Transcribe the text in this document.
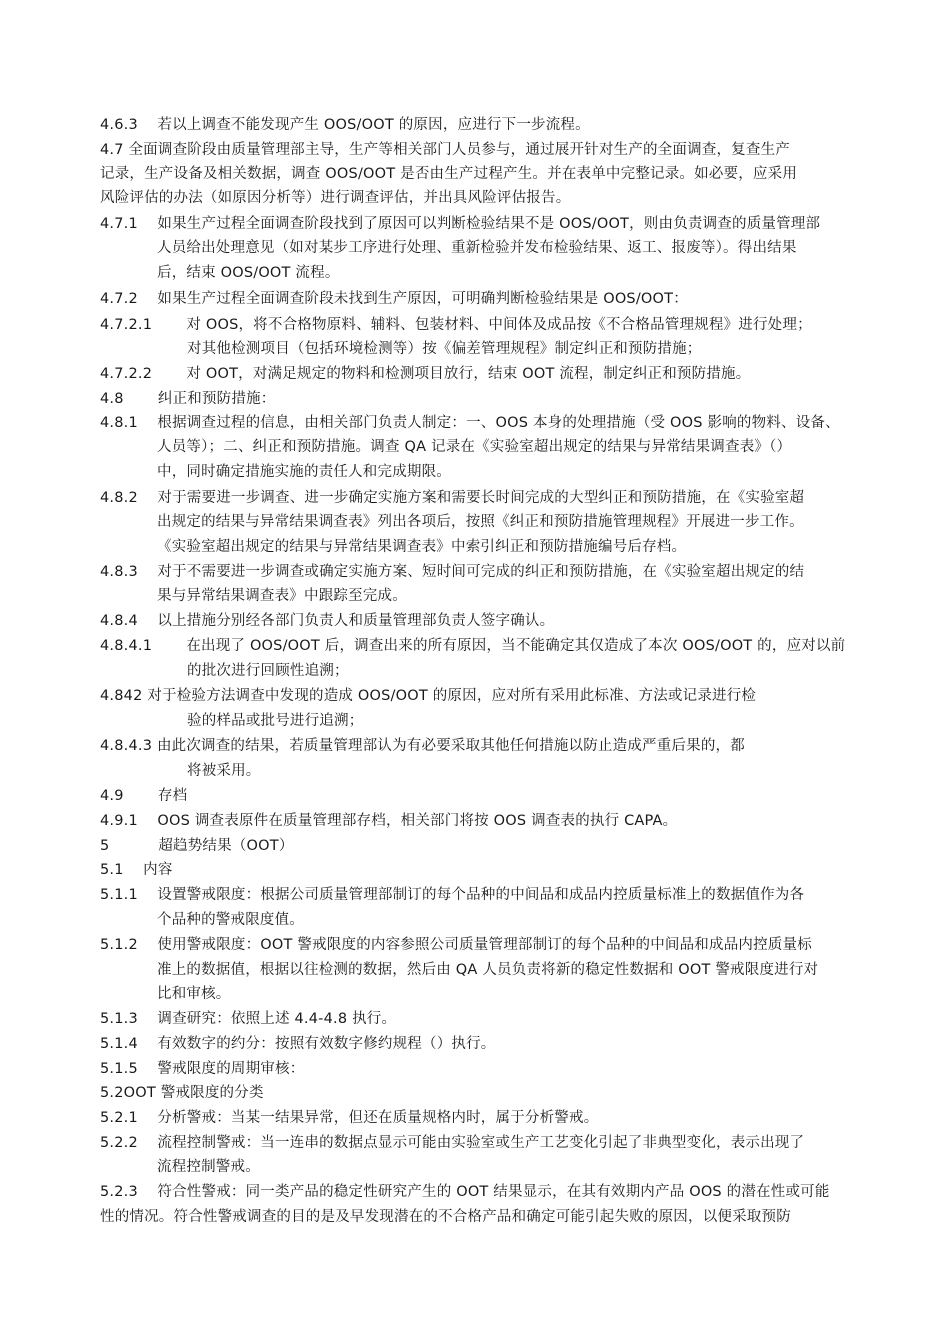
4.6.3　 若以上调查不能发现产生 OOS/OOT 的原因，应进行下一步流程。
4.7 全面调查阶段由质量管理部主导，生产等相关部门人员参与，通过展开针对生产的全面调查，复查生产
记录，生产设备及相关数据，调查 OOS/OOT 是否由生产过程产生。并在表单中完整记录。如必要，应采用
风险评估的办法（如原因分析等）进行调查评估，并出具风险评估报告。
4.7.1　 如果生产过程全面调查阶段找到了原因可以判断检验结果不是 OOS/OOT，则由负责调查的质量管理部
人员给出处理意见（如对某步工序进行处理、重新检验并发布检验结果、返工、报废等）。得出结果
后，结束 OOS/OOT 流程。
4.7.2　 如果生产过程全面调查阶段未找到生产原因，可明确判断检验结果是 OOS/OOT：
4.7.2.1　　 对 OOS，将不合格物原料、辅料、包装材料、中间体及成品按《不合格品管理规程》进行处理；
对其他检测项目（包括环境检测等）按《偏差管理规程》制定纠正和预防措施；
4.7.2.2　　 对 OOT，对满足规定的物料和检测项目放行，结束 OOT 流程，制定纠正和预防措施。
4.8　　 纠正和预防措施：
4.8.1　 根据调查过程的信息，由相关部门负责人制定：一、OOS 本身的处理措施（受 OOS 影响的物料、设备、
人员等）；二、纠正和预防措施。调查 QA 记录在《实验室超出规定的结果与异常结果调查表》（）
中，同时确定措施实施的责任人和完成期限。
4.8.2　 对于需要进一步调查、进一步确定实施方案和需要长时间完成的大型纠正和预防措施，在《实验室超
出规定的结果与异常结果调查表》列出各项后，按照《纠正和预防措施管理规程》开展进一步工作。
《实验室超出规定的结果与异常结果调查表》中索引纠正和预防措施编号后存档。
4.8.3　 对于不需要进一步调查或确定实施方案、短时间可完成的纠正和预防措施，在《实验室超出规定的结
果与异常结果调查表》中跟踪至完成。
4.8.4　 以上措施分别经各部门负责人和质量管理部负责人签字确认。
4.8.4.1　　 在出现了 OOS/OOT 后，调查出来的所有原因，当不能确定其仅造成了本次 OOS/OOT 的，应对以前
的批次进行回顾性追溯；
4.842 对于检验方法调查中发现的造成 OOS/OOT 的原因，应对所有采用此标准、方法或记录进行检
验的样品或批号进行追溯；
4.8.4.3 由此次调查的结果，若质量管理部认为有必要采取其他任何措施以防止造成严重后果的，都
将被采用。
4.9　　 存档
4.9.1　 OOS 调查表原件在质量管理部存档，相关部门将按 OOS 调查表的执行 CAPA。
5　　　 超趋势结果（OOT）
5.1　 内容
5.1.1　 设置警戒限度：根据公司质量管理部制订的每个品种的中间品和成品内控质量标准上的数据值作为各
个品种的警戒限度值。
5.1.2　 使用警戒限度：OOT 警戒限度的内容参照公司质量管理部制订的每个品种的中间品和成品内控质量标
准上的数据值，根据以往检测的数据，然后由 QA 人员负责将新的稳定性数据和 OOT 警戒限度进行对
比和审核。
5.1.3　 调查研究：依照上述 4.4-4.8 执行。
5.1.4　 有效数字的约分：按照有效数字修约规程（）执行。
5.1.5　 警戒限度的周期审核：
5.2OOT 警戒限度的分类
5.2.1　 分析警戒：当某一结果异常，但还在质量规格内时，属于分析警戒。
5.2.2　 流程控制警戒：当一连串的数据点显示可能由实验室或生产工艺变化引起了非典型变化，表示出现了
流程控制警戒。
5.2.3　 符合性警戒：同一类产品的稳定性研究产生的 OOT 结果显示，在其有效期内产品 OOS 的潜在性或可能
性的情况。符合性警戒调查的目的是及早发现潜在的不合格产品和确定可能引起失败的原因，以便采取预防
